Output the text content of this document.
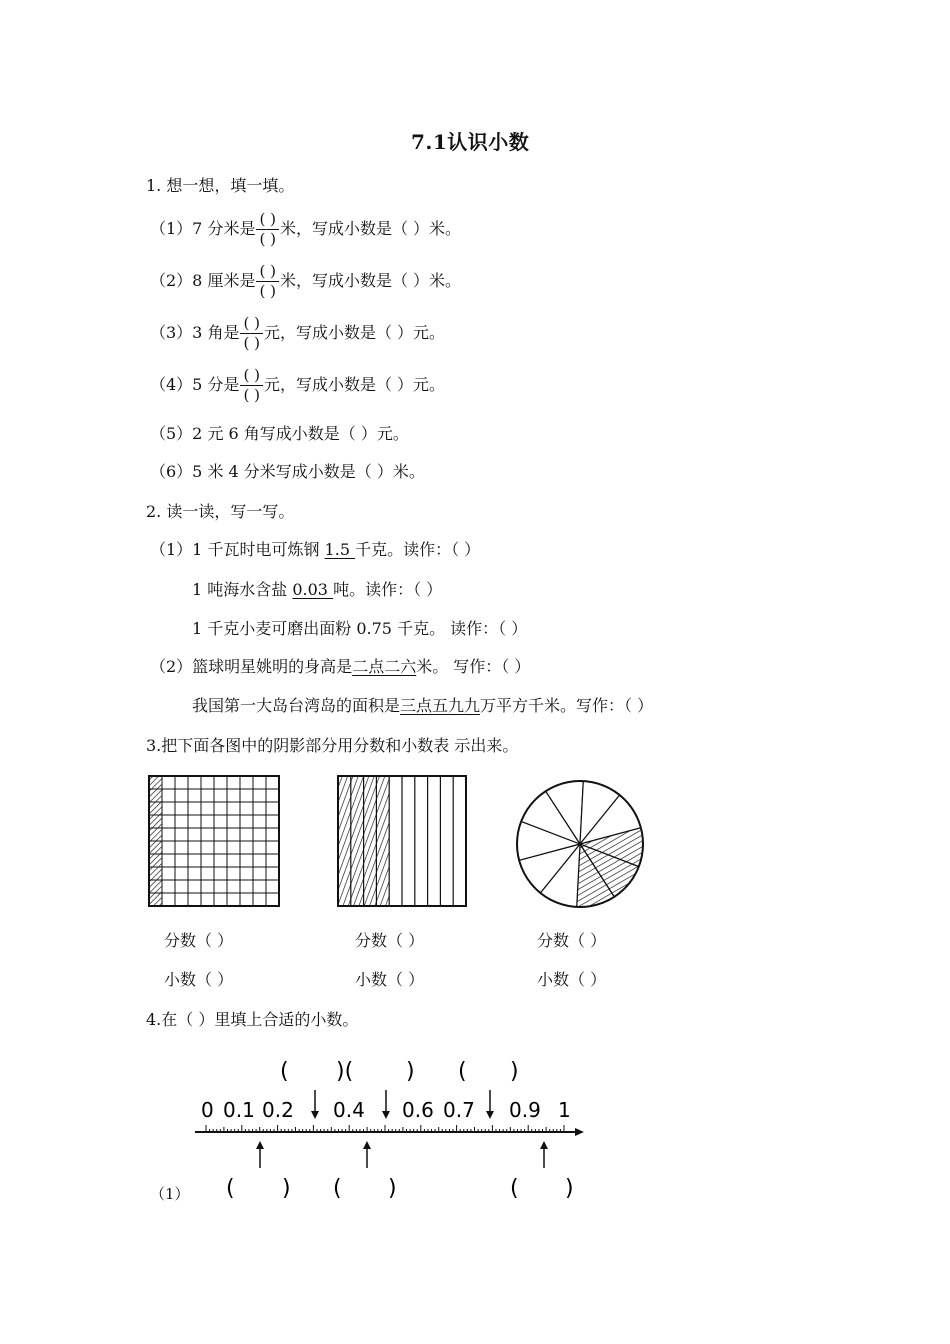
7.1认识小数
1. 想一想，填一填。
（1）7 分米是 $\frac{( )}{( )}$ 米，写成小数是（ ）米。
（2）8 厘米是 $\frac{( )}{( )}$ 米，写成小数是（ ）米。
（3）3 角是 $\frac{( )}{( )}$ 元，写成小数是（ ）元。
（4）5 分是 $\frac{( )}{( )}$ 元，写成小数是（ ）元。
（5）2 元 6 角写成小数是（ ）元。
（6）5 米 4 分米写成小数是（ ）米。
2. 读一读，写一写。
（1）1 千瓦时电可炼钢 1.5 千克。读作：（ ）
1 吨海水含盐 0.03 吨。读作：（ ）
1 千克小麦可磨出面粉 0.75 千克。 读作：（ ）
（2）篮球明星姚明的身高是二点二六米。 写作：（ ）
我国第一大岛台湾岛的面积是三点五九九万平方千米。写作：（ ）
3.把下面各图中的阴影部分用分数和小数表 示出来。
分数（ ）
小数（ ）
分数（ ）
小数（ ）
分数（ ）
小数（ ）
4.在（ ）里填上合适的小数。
( )( ) ( )
0 0.1 0.2 0.4 0.6 0.7 0.9 1
( ) ( )	( )
（1）
